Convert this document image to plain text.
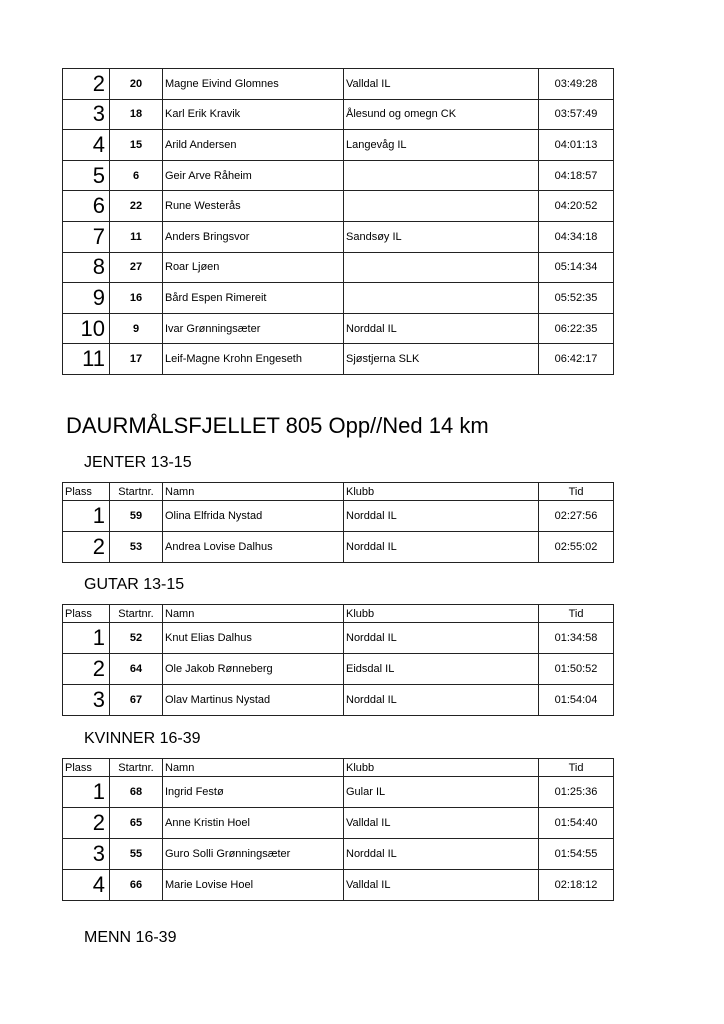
2	20	Magne Eivind Glomnes	Valldal IL	03:49:28
3	18	Karl Erik Kravik	Ålesund og omegn CK	03:57:49
4	15	Arild Andersen	Langevåg IL	04:01:13
5	6	Geir Arve Råheim		04:18:57
6	22	Rune Westerås		04:20:52
7	11	Anders Bringsvor	Sandsøy IL	04:34:18
8	27	Roar Ljøen		05:14:34
9	16	Bård Espen Rimereit		05:52:35
10	9	Ivar Grønningsæter	Norddal IL	06:22:35
11	17	Leif-Magne Krohn Engeseth	Sjøstjerna SLK	06:42:17
DAURMÅLSFJELLET 805 Opp//Ned 14 km
JENTER 13-15
Plass	Startnr.	Namn	Klubb	Tid
1	59	Olina Elfrida Nystad	Norddal IL	02:27:56
2	53	Andrea Lovise Dalhus	Norddal IL	02:55:02
GUTAR 13-15
Plass	Startnr.	Namn	Klubb	Tid
1	52	Knut Elias Dalhus	Norddal IL	01:34:58
2	64	Ole Jakob Rønneberg	Eidsdal IL	01:50:52
3	67	Olav Martinus Nystad	Norddal IL	01:54:04
KVINNER 16-39
Plass	Startnr.	Namn	Klubb	Tid
1	68	Ingrid Festø	Gular IL	01:25:36
2	65	Anne Kristin Hoel	Valldal IL	01:54:40
3	55	Guro Solli Grønningsæter	Norddal IL	01:54:55
4	66	Marie Lovise Hoel	Valldal IL	02:18:12
MENN 16-39
